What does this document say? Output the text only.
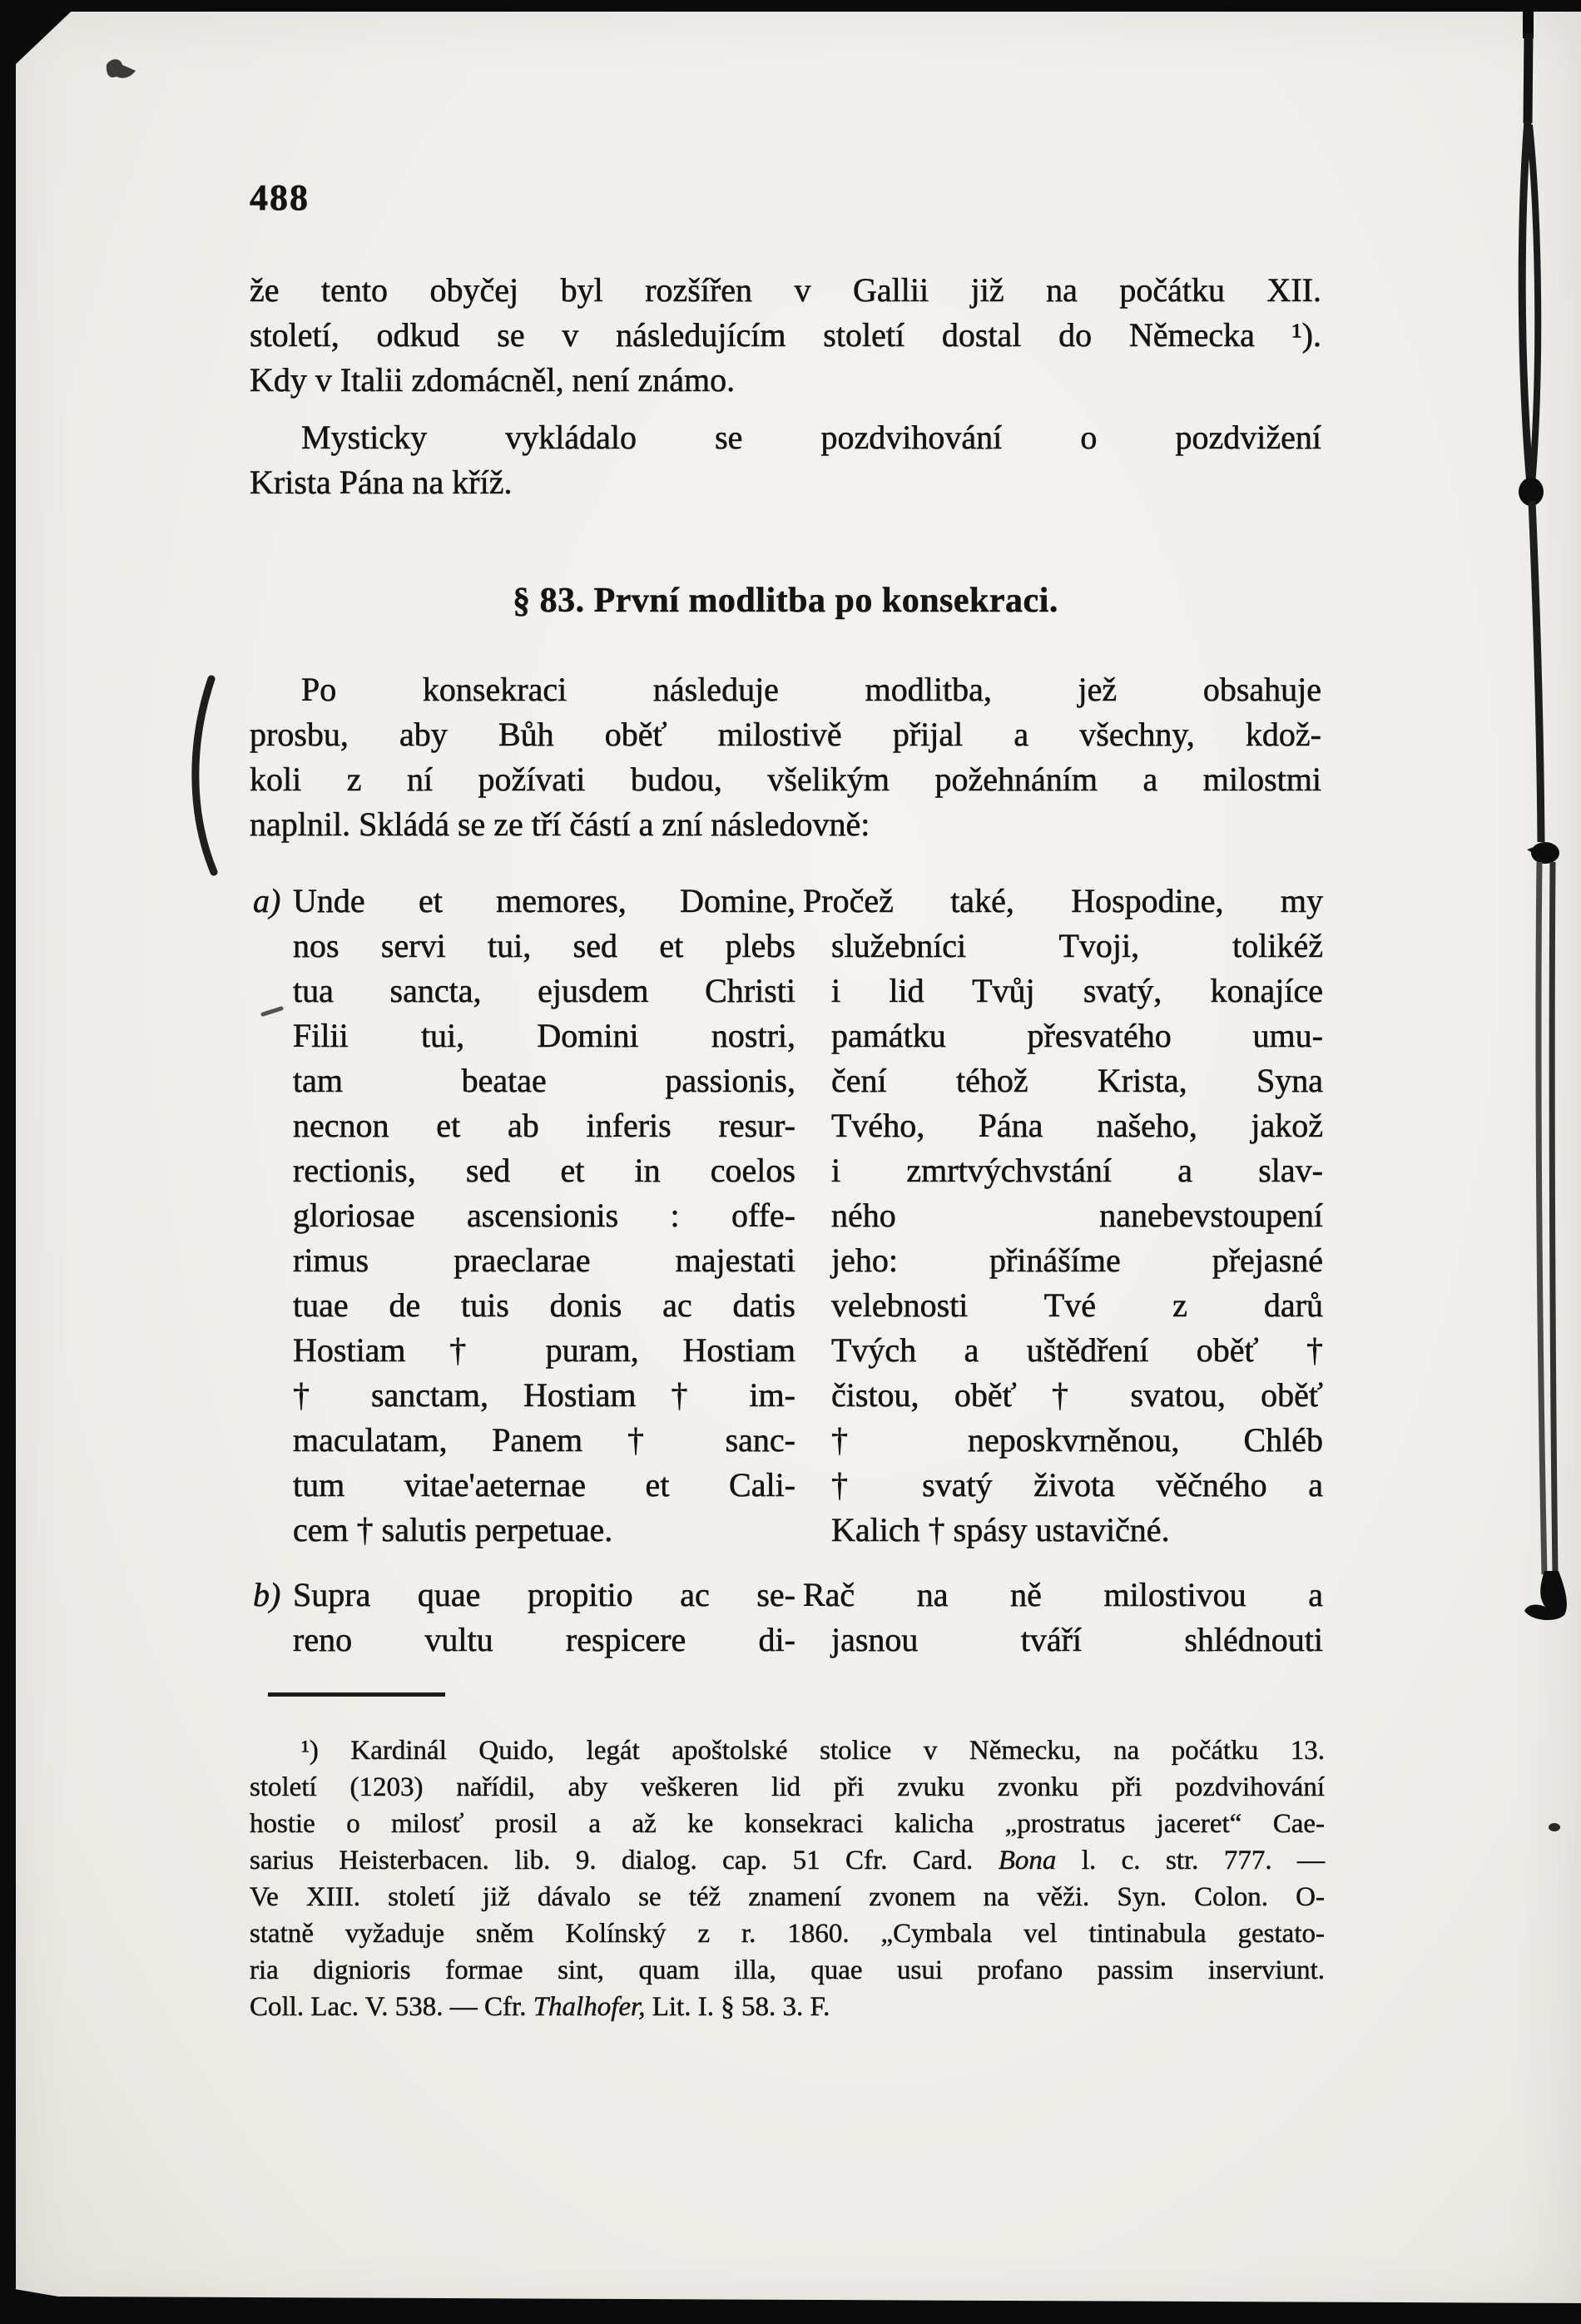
488
že tento obyčej byl rozšířen v Gallii již na počátku XII.
století, odkud se v následujícím století dostal do Německa ¹).
Kdy v Italii zdomácněl, není známo.
Mysticky vykládalo se pozdvihování o pozdvižení
Krista Pána na kříž.
§ 83. První modlitba po konsekraci.
Po konsekraci následuje modlitba, jež obsahuje
prosbu, aby Bůh oběť milostivě přijal a všechny, kdož-
koli z ní požívati budou, všelikým požehnáním a milostmi
naplnil. Skládá se ze tří částí a zní následovně:
a) Unde et memores, Domine,
nos servi tui, sed et plebs
tua sancta, ejusdem Christi
Filii tui, Domini nostri,
tam beatae passionis,
necnon et ab inferis resur-
rectionis, sed et in coelos
gloriosae ascensionis : offe-
rimus praeclarae majestati
tuae de tuis donis ac datis
Hostiam † puram, Hostiam
† sanctam, Hostiam † im-
maculatam, Panem † sanc-
tum vitae'aeternae et Cali-
cem † salutis perpetuae.
Pročež také, Hospodine, my
služebníci Tvoji, tolikéž
i lid Tvůj svatý, konajíce
památku přesvatého umu-
čení téhož Krista, Syna
Tvého, Pána našeho, jakož
i zmrtvýchvstání a slav-
ného nanebevstoupení
jeho: přinášíme přejasné
velebnosti Tvé z darů
Tvých a uštědření oběť †
čistou, oběť † svatou, oběť
† neposkvrněnou, Chléb
† svatý života věčného a
Kalich † spásy ustavičné.
b) Supra quae propitio ac se-
reno vultu respicere di-
Rač na ně milostivou a
jasnou tváří shlédnouti
¹) Kardinál Quido, legát apoštolské stolice v Německu, na počátku 13.
století (1203) nařídil, aby veškeren lid při zvuku zvonku při pozdvihování
hostie o milosť prosil a až ke konsekraci kalicha „prostratus jaceret“ Cae-
sarius Heisterbacen. lib. 9. dialog. cap. 51 Cfr. Card. Bona l. c. str. 777. —
Ve XIII. století již dávalo se též znamení zvonem na věži. Syn. Colon. O-
statně vyžaduje sněm Kolínský z r. 1860. „Cymbala vel tintinabula gestato-
ria dignioris formae sint, quam illa, quae usui profano passim inserviunt.
Coll. Lac. V. 538. — Cfr. Thalhofer, Lit. I. § 58. 3. F.
